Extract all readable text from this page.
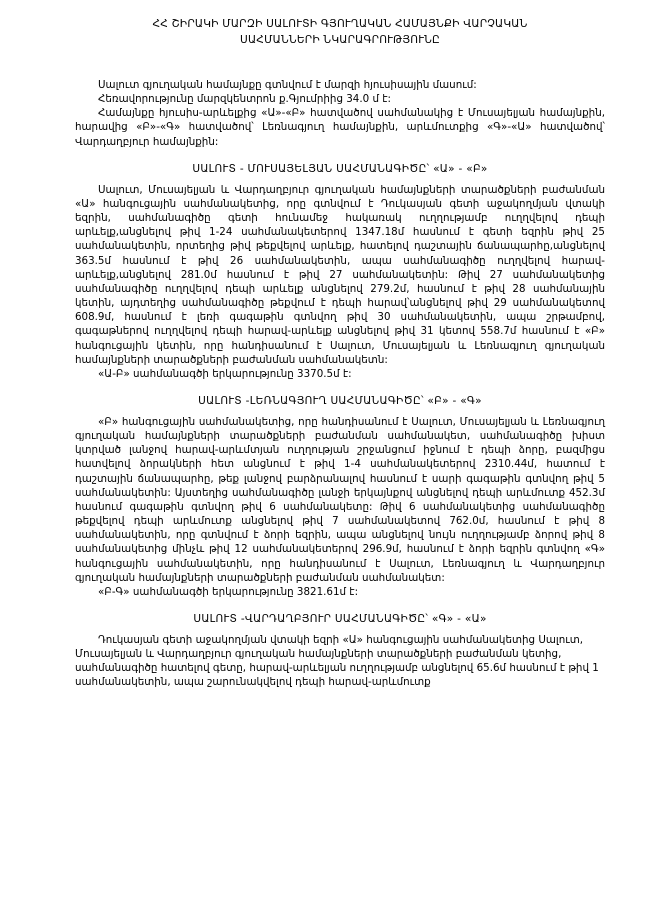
ՀՀ ՇԻՐԱԿԻ ՄԱՐԶԻ ՍԱԼՈՒՏԻ ԳՅՈՒՂԱԿԱՆ ՀԱՄԱՅՆՔԻ ՎԱՐՉԱԿԱՆ
ՍԱՀՄԱՆՆԵՐԻ ՆԿԱՐԱԳՐՈՒԹՅՈՒՆԸ

Սալուտ գյուղական համայնքը գտնվում է մարզի հյուսիսային մասում:

Հեռավորությունը մարզկենտրոն ք.Գյումրիից 34.0 մ է:

Համայնքը հյուսիս-արևելքից «Ա»-«Բ» հատվածով սահմանակից է Մուսայելյան համայնքին, հարավից «Բ»-«Գ» հատվածով՝ Լեռնագյուղ համայնքին, արևմուտքից «Գ»-«Ա» հատվածով՝ Վարդաղբյուր համայնքին:

ՍԱԼՈՒՏ - ՄՈՒՍԱՅԵԼՅԱՆ ՍԱՀՄԱՆԱԳԻԾԸ՝ «Ա» - «Բ»

Սալուտ, Մուսայելյան և Վարդաղբյուր գյուղական համայնքների տարածքների բաժանման «Ա» հանգուցային սահմանակետից, որը գտնվում է Դուկասյան գետի աջակողմյան վտակի եզրին, սահմանագիծը գետի հունամեջ հակառակ ուղղությամբ ուղղվելով դեպի արևելք,անցնելով թիվ 1-24 սահմանակետերով 1347.18մ հասնում է գետի եզրին թիվ 25 սահմանակետին, որտեղից թիվ թեքվելով արևելք, հատելով դաշտային ճանապարհը,անցնելով 363.5մ հասնում է թիվ 26 սահմանակետին, ապա սահմանագիծը ուղղվելով հարավ-արևելք,անցնելով 281.0մ հասնում է թիվ 27 սահմանակետին: Թիվ 27 սահմանակետից սահմանագիծը ուղղվելով դեպի արևելք անցնելով 279.2մ, հասնում է թիվ 28 սահմանային կետին, այդտեղից սահմանագիծը թեքվում է դեպի հարավ՝անցնելով թիվ 29 սահմանակետով 608.9մ, հասնում է լեռի գագաթին գտնվող թիվ 30 սահմանակետին, ապա շրթամբով, գագաթներով ուղղվելով դեպի հարավ-արևելք անցնելով թիվ 31 կետով 558.7մ հասնում է «Բ» հանգուցային կետին, որը հանդիսանում է Սալուտ, Մուսայելյան և Լեռնագյուղ գյուղական համայնքների տարածքների բաժանման սահմանակետն:

«Ա-Բ» սահմանագծի երկարությունը 3370.5մ է:

ՍԱԼՈՒՏ -ԼԵՌՆԱԳՅՈՒՂ ՍԱՀՄԱՆԱԳԻԾԸ՝ «Բ» - «Գ»

«Բ» հանգուցային սահմանակետից, որը հանդիսանում է Սալուտ, Մուսայելյան և Լեռնագյուղ գյուղական համայնքների տարածքների բաժանման սահմանակետ, սահմանագիծը խիստ կտրված լանջով հարավ-արևմտյան ուղղության շրջանցում իջնում է դեպի ձորը, բազմիցս հատվելով ձորակների հետ անցնում է թիվ 1-4 սահմանակետերով 2310.44մ, հատում է դաշտային ճանապարհը, թեք լանջով բարձրանալով հասնում է սարի գագաթին գտնվող թիվ 5 սահմանակետին: Այստեղից սահմանագիծը լանջի երկայնքով անցնելով դեպի արևմուտք 452.3մ հասնում գագաթին գտնվող թիվ 6 սահմանակետը: Թիվ 6 սահմանակետից սահմանագիծը թեքվելով դեպի արևմուտք անցնելով թիվ 7 սահմանակետով 762.0մ, հասնում է թիվ 8 սահմանակետին, որը գտնվում է ձորի եզրին, ապա անցնելով նույն ուղղությամբ ձորով թիվ 8 սահմանակետից մինչև թիվ 12 սահմանակետերով 296.9մ, հասնում է ձորի եզրին գտնվող «Գ» հանգուցային սահմանակետին, որը հանդիսանում է Սալուտ, Լեռնագյուղ և Վարդաղբյուր գյուղական համայնքների տարածքների բաժանման սահմանակետ:

«Բ-Գ» սահմանագծի երկարությունը 3821.61մ է:

ՍԱԼՈՒՏ -ՎԱՐԴԱՂԲՅՈՒՐ ՍԱՀՄԱՆԱԳԻԾԸ՝ «Գ» - «Ա»

Դուկասյան գետի աջակողմյան վտակի եզրի «Ա» հանգուցային սահմանակետից Սալուտ, Մուսայելյան և Վարդաղբյուր գյուղական համայնքների տարածքների բաժանման կետից, սահմանագիծը հատելով գետը, հարավ-արևելյան ուղղությամբ անցնելով 65.6մ հասնում է թիվ 1 սահմանակետին, ապա շարունակվելով դեպի հարավ-արևմուտք
